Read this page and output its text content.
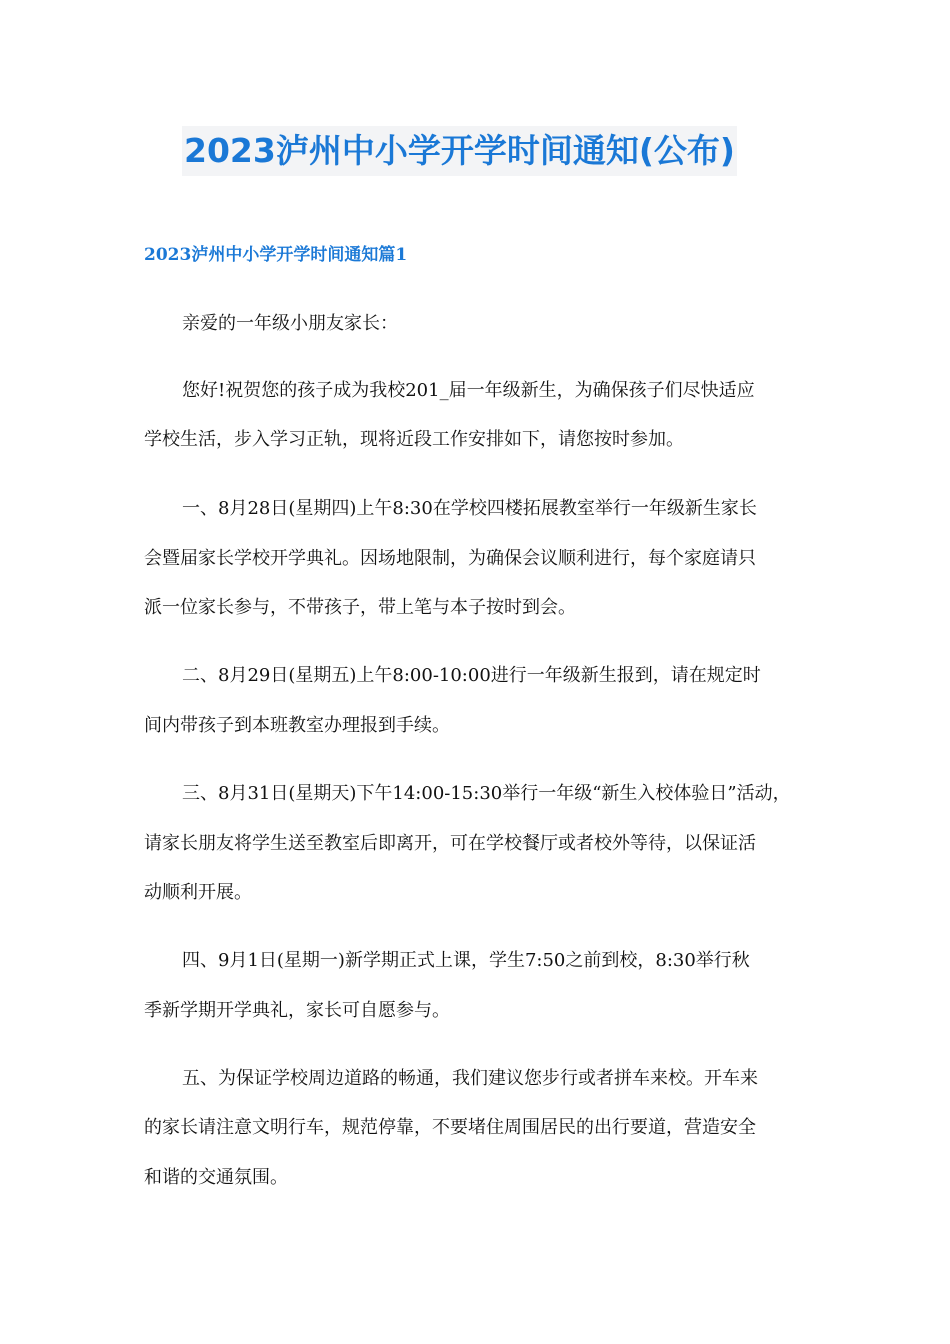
2023泸州中小学开学时间通知(公布)
2023泸州中小学开学时间通知篇1

亲爱的一年级小朋友家长：

您好!祝贺您的孩子成为我校201_届一年级新生，为确保孩子们尽快适应

学校生活，步入学习正轨，现将近段工作安排如下，请您按时参加。

一、8月28日(星期四)上午8:30在学校四楼拓展教室举行一年级新生家长

会暨届家长学校开学典礼。因场地限制，为确保会议顺利进行，每个家庭请只

派一位家长参与，不带孩子，带上笔与本子按时到会。

二、8月29日(星期五)上午8:00-10:00进行一年级新生报到，请在规定时

间内带孩子到本班教室办理报到手续。

三、8月31日(星期天)下午14:00-15:30举行一年级“新生入校体验日”活动，

请家长朋友将学生送至教室后即离开，可在学校餐厅或者校外等待，以保证活

动顺利开展。

四、9月1日(星期一)新学期正式上课，学生7:50之前到校，8:30举行秋

季新学期开学典礼，家长可自愿参与。

五、为保证学校周边道路的畅通，我们建议您步行或者拼车来校。开车来

的家长请注意文明行车，规范停靠，不要堵住周围居民的出行要道，营造安全

和谐的交通氛围。
